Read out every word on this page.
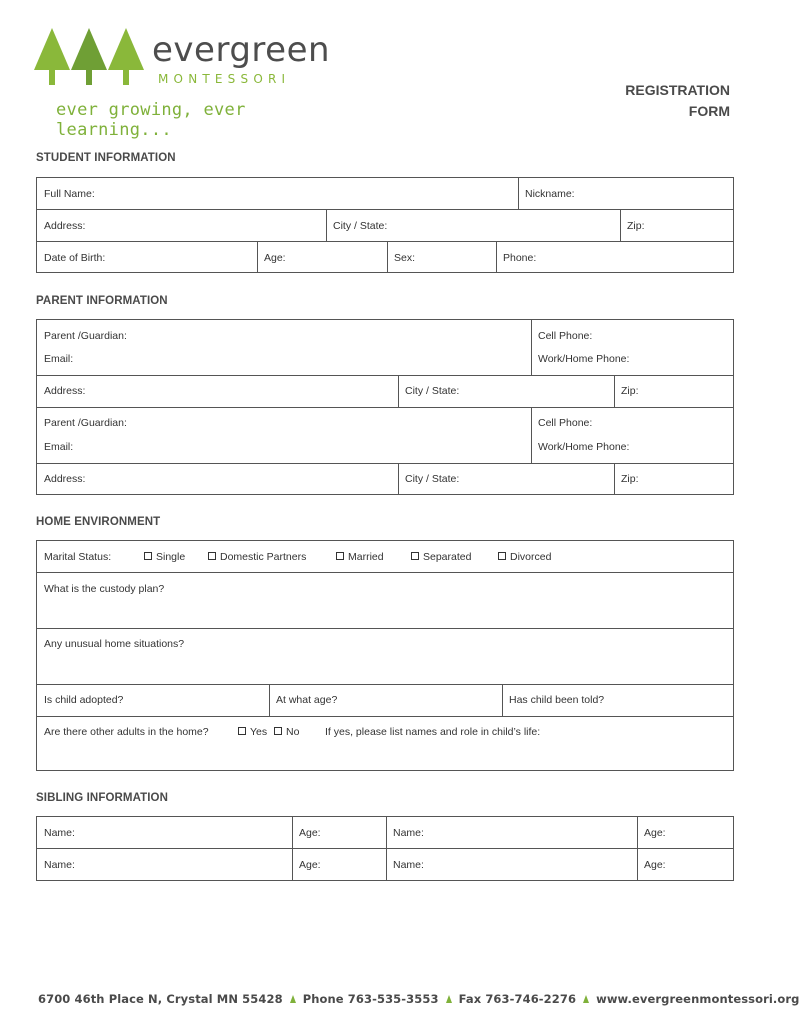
evergreen
MONTESSORI
ever growing, ever learning...
REGISTRATION
FORM
STUDENT INFORMATION
Full Name:	Nickname:
Address:	City / State:	Zip:
Date of Birth:	Age:	Sex:	Phone:
PARENT INFORMATION
Parent /Guardian:	Cell Phone:
Email:	Work/Home Phone:
Address:	City / State:	Zip:
Parent /Guardian:	Cell Phone:
Email:	Work/Home Phone:
Address:	City / State:	Zip:
HOME ENVIRONMENT
Marital Status:	Single	Domestic Partners	Married	Separated	Divorced
What is the custody plan?
Any unusual home situations?
Is child adopted?	At what age?	Has child been told?
Are there other adults in the home?	Yes	No If yes, please list names and role in child’s life:
SIBLING INFORMATION
Name:	Age:	Name:	Age:
Name:	Age:	Name:	Age:
6700 46th Place N, Crystal MN 55428 Phone 763-535-3553 Fax 763-746-2276 www.evergreenmontessori.org
